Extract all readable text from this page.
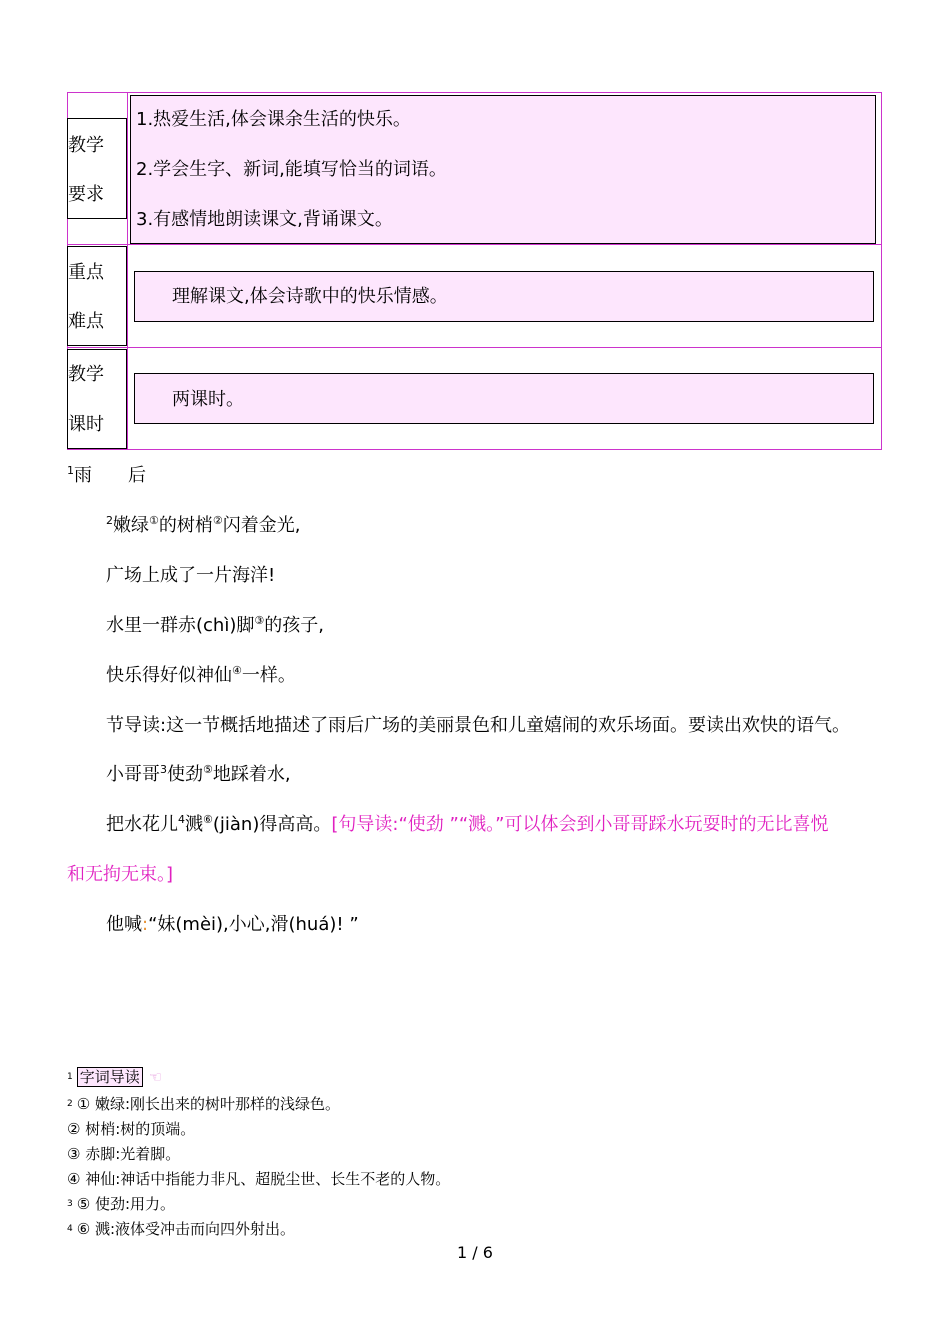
教学
要求
1.热爱生活,体会课余生活的快乐。
2.学会生字、新词,能填写恰当的词语。
3.有感情地朗读课文,背诵课文。
重点
难点
理解课文,体会诗歌中的快乐情感。
教学
课时
两课时。
$^1$雨　　后
$^2$嫩绿①的树梢②闪着金光,
广场上成了一片海洋!
水里一群赤(chì)脚③的孩子,
快乐得好似神仙④一样。
节导读:这一节概括地描述了雨后广场的美丽景色和儿童嬉闹的欢乐场面。要读出欢快的语气。
小哥哥$^3$使劲⑤地踩着水,
把水花儿$^4$溅⑥(jiàn)得高高。[句导读:“使劲 ”“溅。”可以体会到小哥哥踩水玩耍时的无比喜悦
和无拘无束。]
他喊:“妹(mèi),小心,滑(huá)! ”
$^1$ 字词导读 ☜
$^2$ ① 嫩绿:刚长出来的树叶那样的浅绿色。
② 树梢:树的顶端。
③ 赤脚:光着脚。
④ 神仙:神话中指能力非凡、超脱尘世、长生不老的人物。
$^3$ ⑤ 使劲:用力。
$^4$ ⑥ 溅:液体受冲击而向四外射出。
1 / 6
